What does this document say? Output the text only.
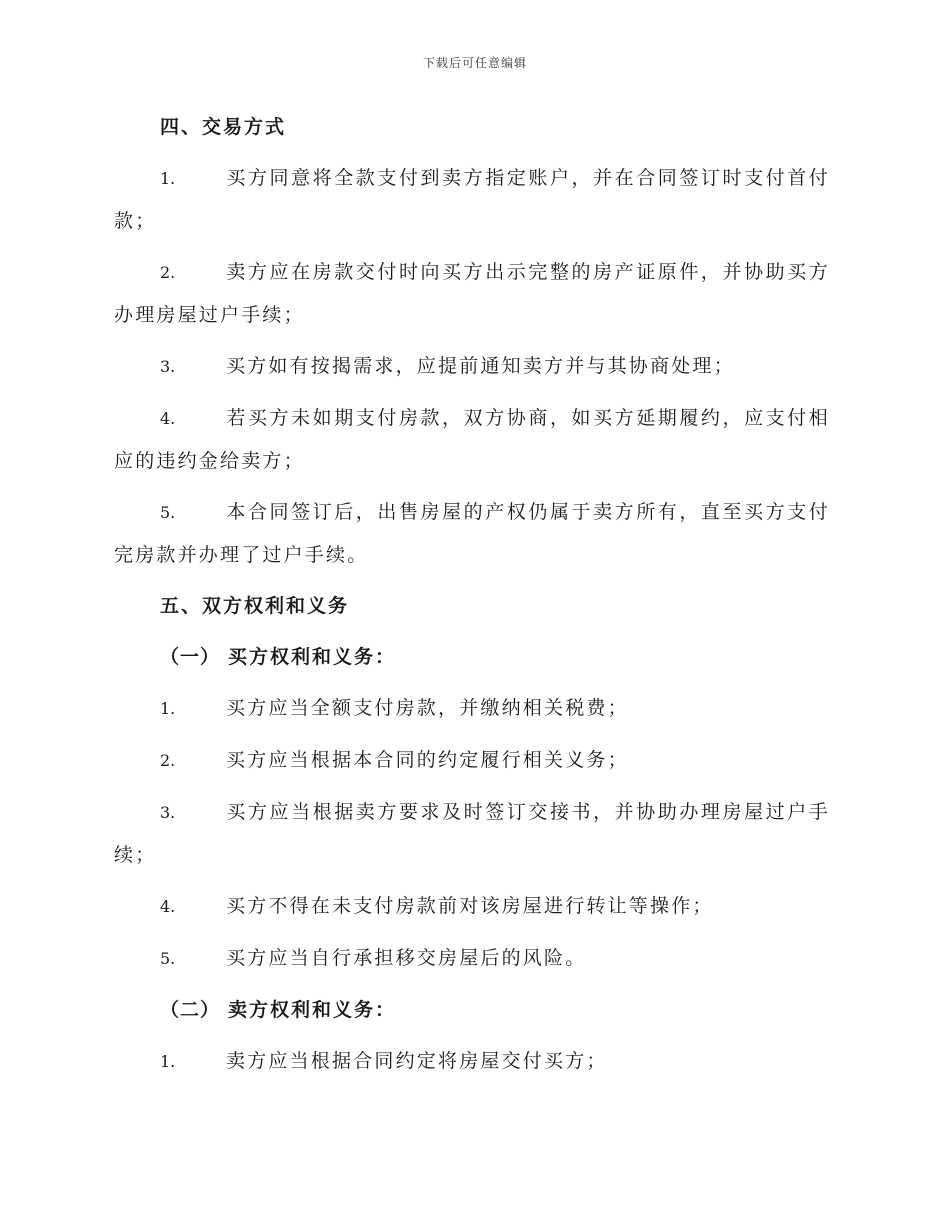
下载后可任意编辑
四、交易方式
1.	买方同意将全款支付到卖方指定账户，并在合同签订时支付首付款；
2.	卖方应在房款交付时向买方出示完整的房产证原件，并协助买方办理房屋过户手续；
3.	买方如有按揭需求，应提前通知卖方并与其协商处理；
4.	若买方未如期支付房款，双方协商，如买方延期履约，应支付相应的违约金给卖方；
5.	本合同签订后，出售房屋的产权仍属于卖方所有，直至买方支付完房款并办理了过户手续。
五、双方权利和义务
（一） 买方权利和义务：
1.	买方应当全额支付房款，并缴纳相关税费；
2.	买方应当根据本合同的约定履行相关义务；
3.	买方应当根据卖方要求及时签订交接书，并协助办理房屋过户手续；
4.	买方不得在未支付房款前对该房屋进行转让等操作；
5.	买方应当自行承担移交房屋后的风险。
（二） 卖方权利和义务：
1.	卖方应当根据合同约定将房屋交付买方；
